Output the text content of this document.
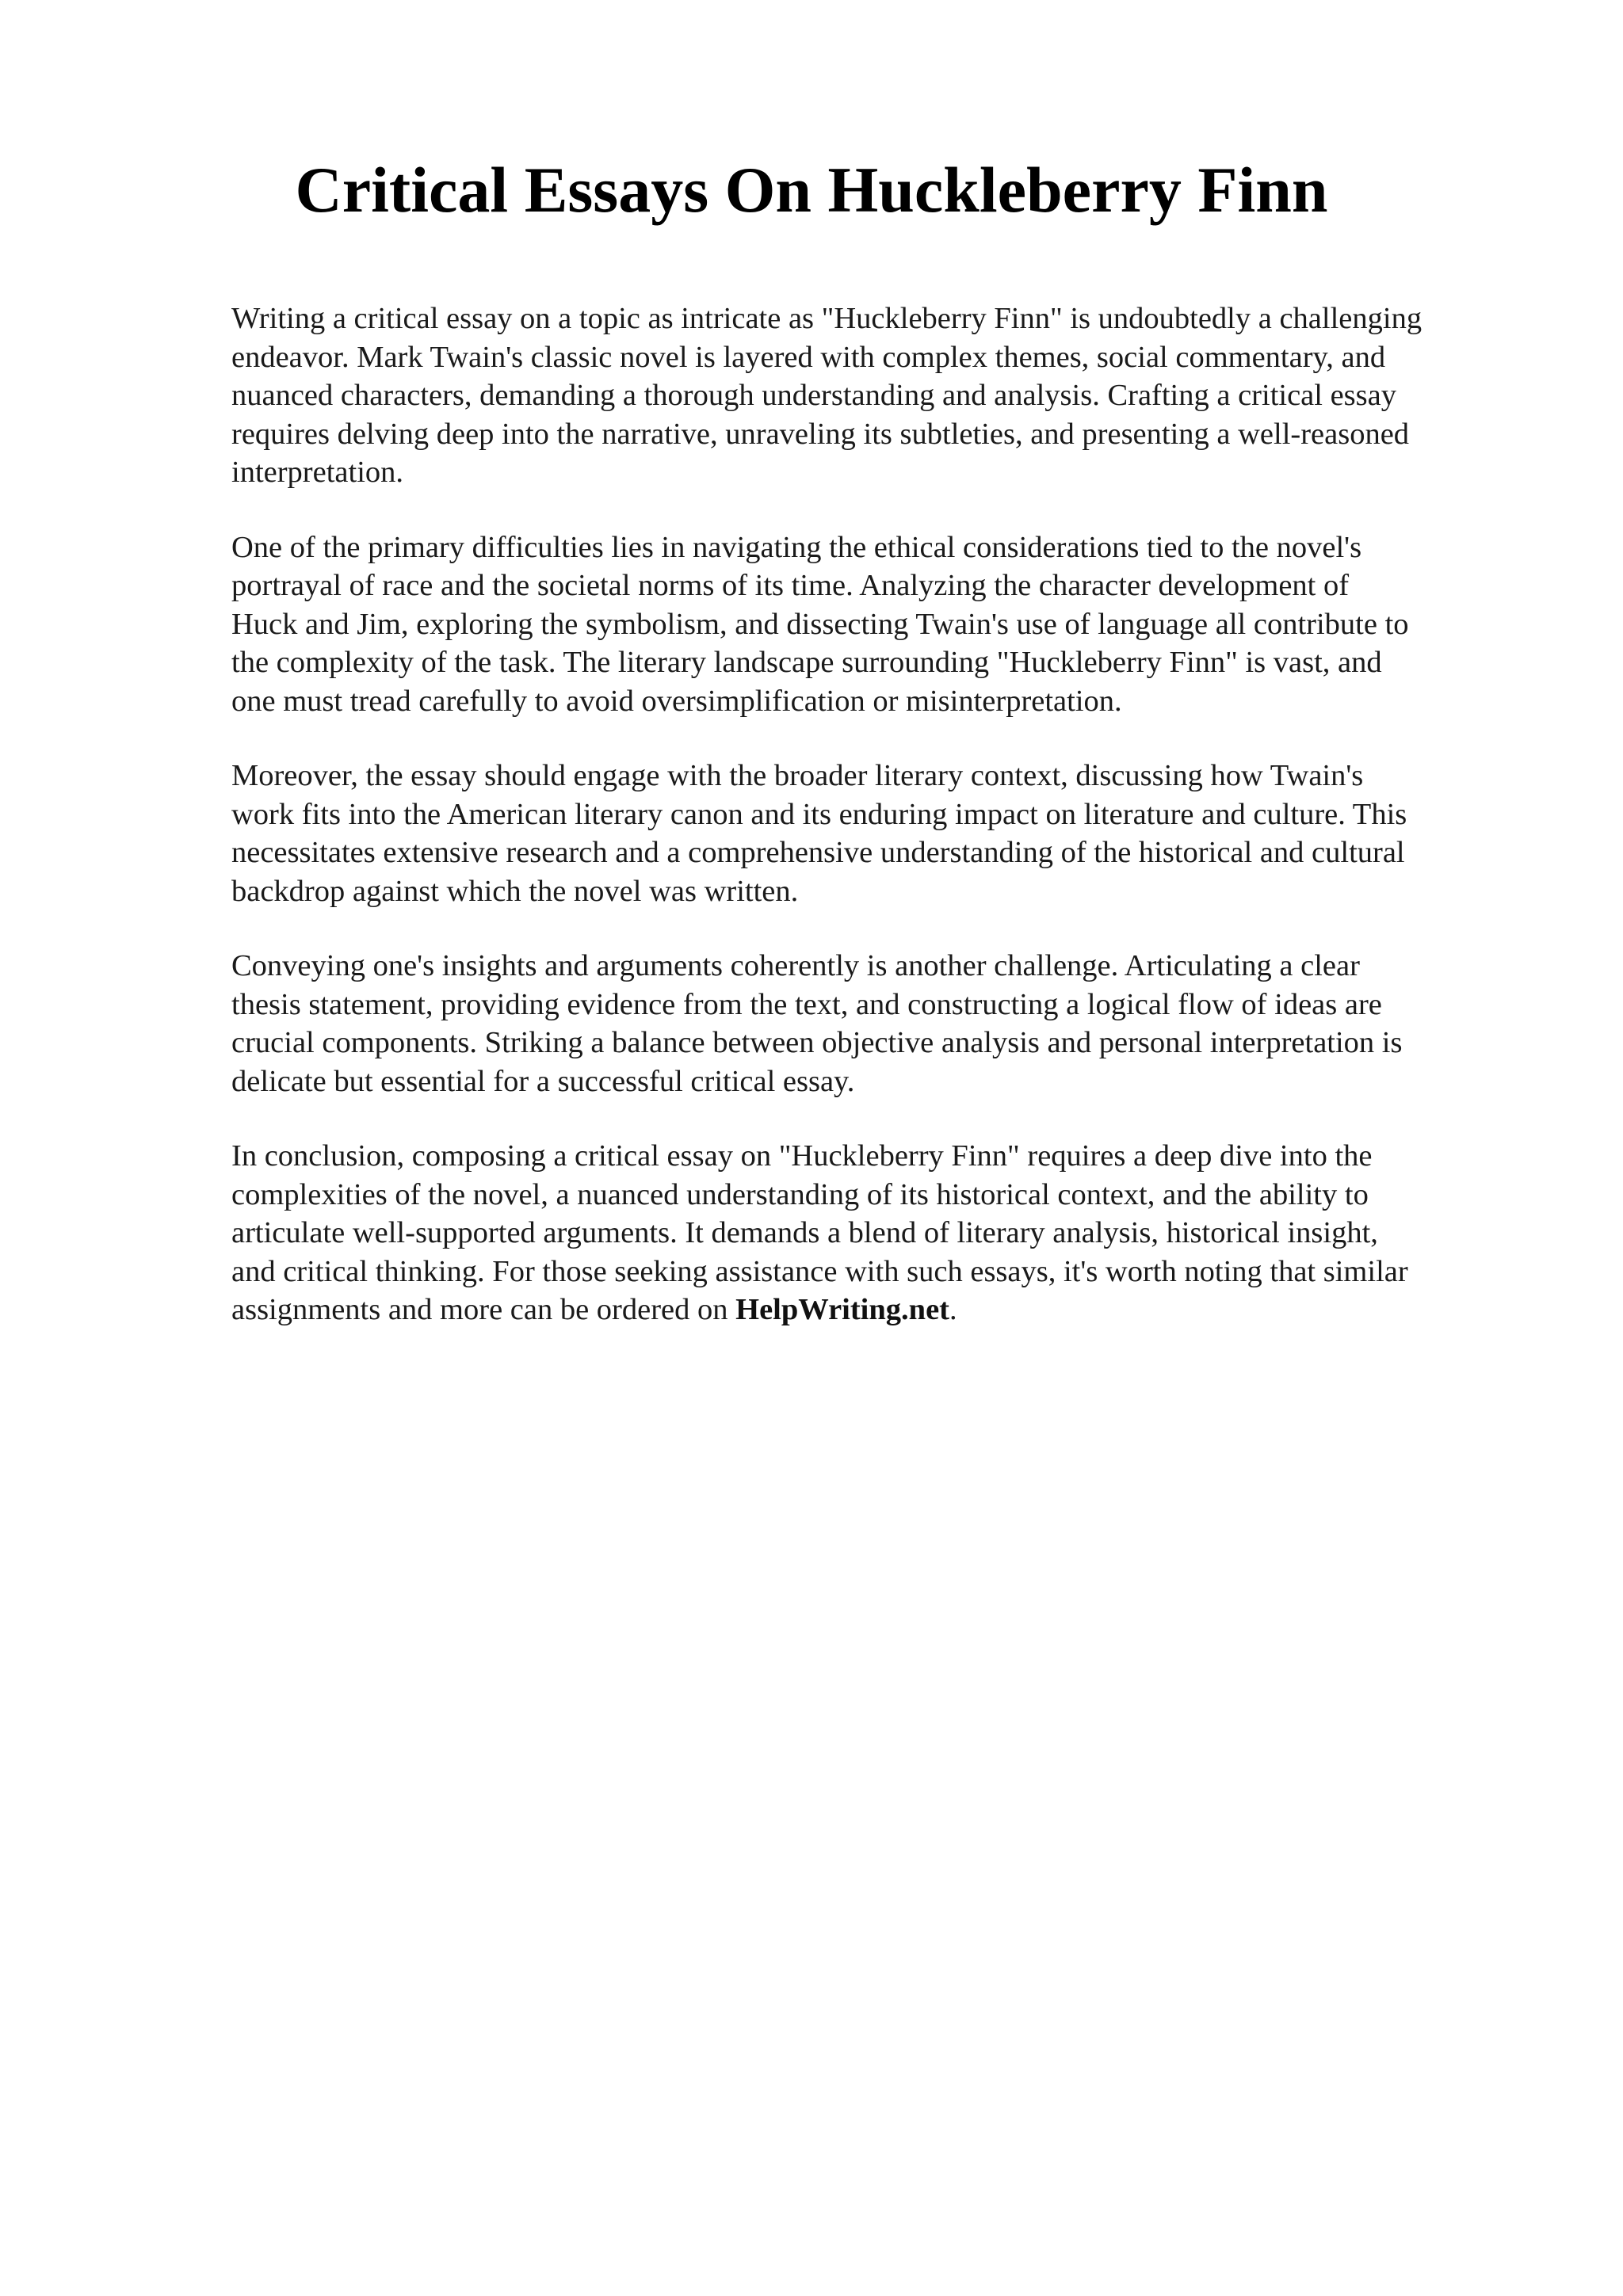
Critical Essays On Huckleberry Finn

Writing a critical essay on a topic as intricate as "Huckleberry Finn" is undoubtedly a challenging
endeavor. Mark Twain's classic novel is layered with complex themes, social commentary, and
nuanced characters, demanding a thorough understanding and analysis. Crafting a critical essay
requires delving deep into the narrative, unraveling its subtleties, and presenting a well-reasoned
interpretation.

One of the primary difficulties lies in navigating the ethical considerations tied to the novel's
portrayal of race and the societal norms of its time. Analyzing the character development of
Huck and Jim, exploring the symbolism, and dissecting Twain's use of language all contribute to
the complexity of the task. The literary landscape surrounding "Huckleberry Finn" is vast, and
one must tread carefully to avoid oversimplification or misinterpretation.

Moreover, the essay should engage with the broader literary context, discussing how Twain's
work fits into the American literary canon and its enduring impact on literature and culture. This
necessitates extensive research and a comprehensive understanding of the historical and cultural
backdrop against which the novel was written.

Conveying one's insights and arguments coherently is another challenge. Articulating a clear
thesis statement, providing evidence from the text, and constructing a logical flow of ideas are
crucial components. Striking a balance between objective analysis and personal interpretation is
delicate but essential for a successful critical essay.

In conclusion, composing a critical essay on "Huckleberry Finn" requires a deep dive into the
complexities of the novel, a nuanced understanding of its historical context, and the ability to
articulate well-supported arguments. It demands a blend of literary analysis, historical insight,
and critical thinking. For those seeking assistance with such essays, it's worth noting that similar
assignments and more can be ordered on HelpWriting.net.
